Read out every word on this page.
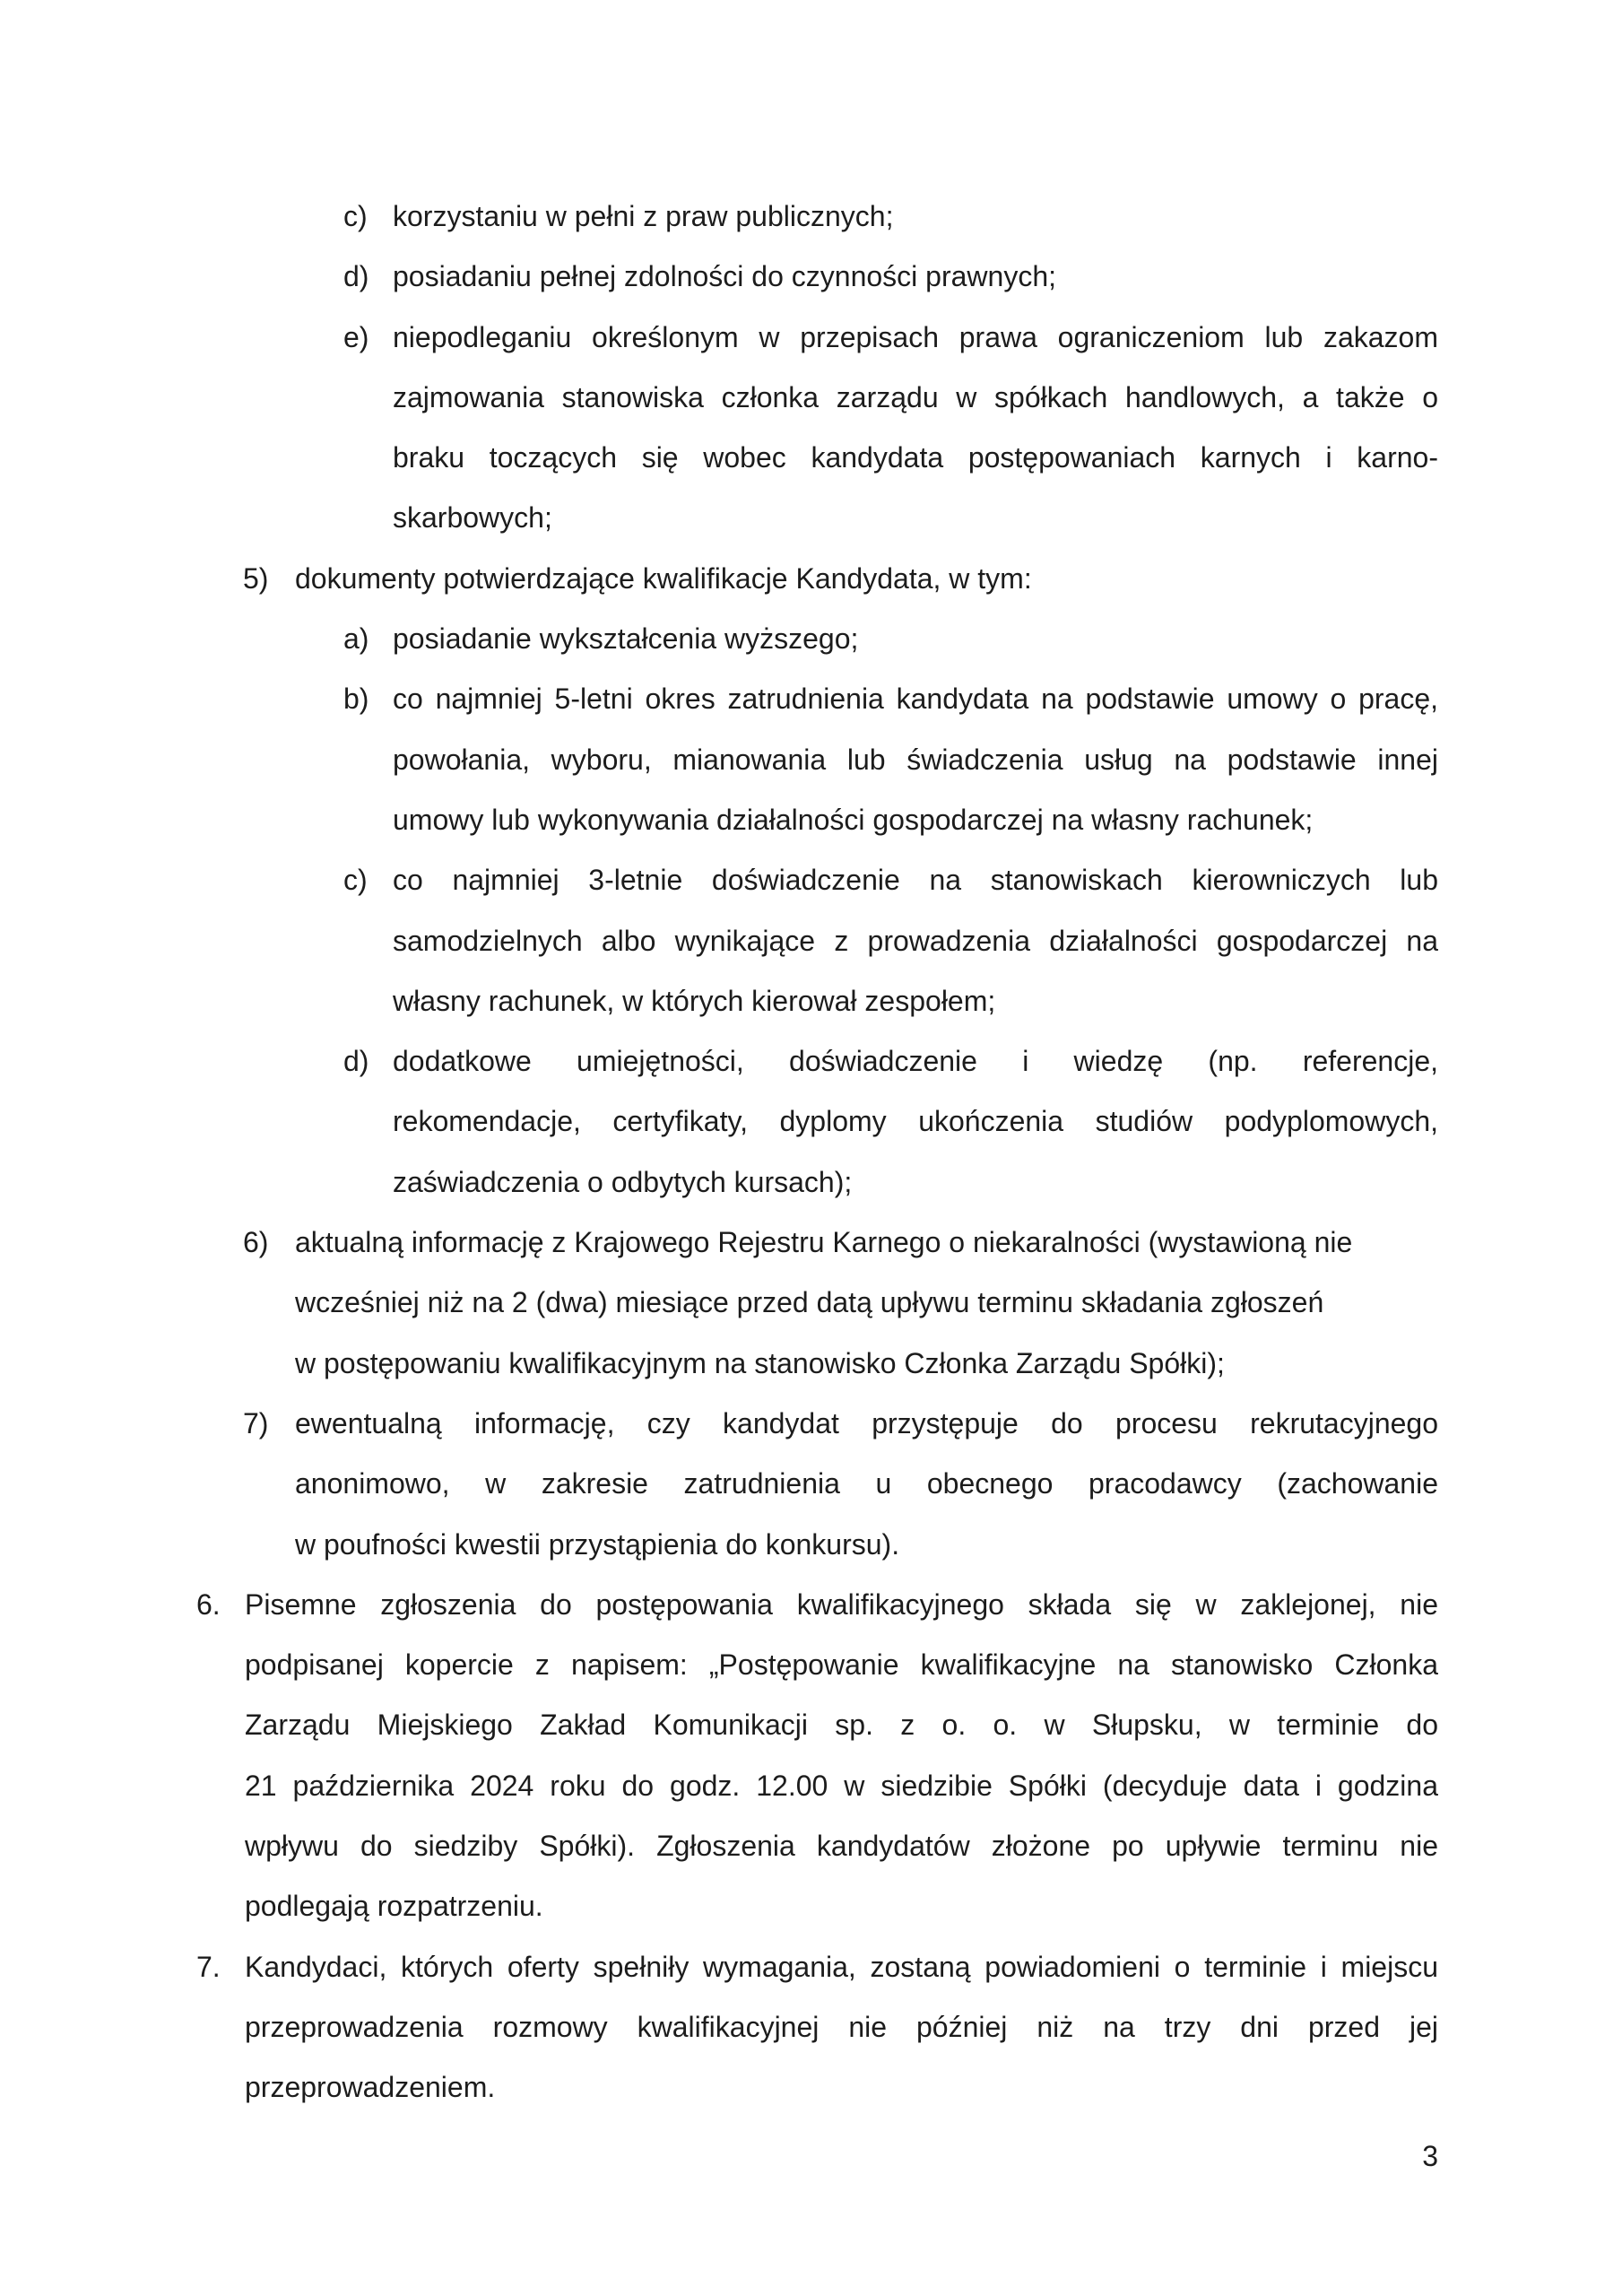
c) korzystaniu w pełni z praw publicznych;
d) posiadaniu pełnej zdolności do czynności prawnych;
e) niepodleganiu określonym w przepisach prawa ograniczeniom lub zakazom
zajmowania stanowiska członka zarządu w spółkach handlowych, a także o
braku toczących się wobec kandydata postępowaniach karnych i karno-
skarbowych;
5) dokumenty potwierdzające kwalifikacje Kandydata, w tym:
a) posiadanie wykształcenia wyższego;
b) co najmniej 5-letni okres zatrudnienia kandydata na podstawie umowy o pracę,
powołania, wyboru, mianowania lub świadczenia usług na podstawie innej
umowy lub wykonywania działalności gospodarczej na własny rachunek;
c) co najmniej 3-letnie doświadczenie na stanowiskach kierowniczych lub
samodzielnych albo wynikające z prowadzenia działalności gospodarczej na
własny rachunek, w których kierował zespołem;
d) dodatkowe umiejętności, doświadczenie i wiedzę (np. referencje,
rekomendacje, certyfikaty, dyplomy ukończenia studiów podyplomowych,
zaświadczenia o odbytych kursach);
6) aktualną informację z Krajowego Rejestru Karnego o niekaralności (wystawioną nie
wcześniej niż na 2 (dwa) miesiące przed datą upływu terminu składania zgłoszeń
w postępowaniu kwalifikacyjnym na stanowisko Członka Zarządu Spółki);
7) ewentualną informację, czy kandydat przystępuje do procesu rekrutacyjnego
anonimowo, w zakresie zatrudnienia u obecnego pracodawcy (zachowanie
w poufności kwestii przystąpienia do konkursu).
6. Pisemne zgłoszenia do postępowania kwalifikacyjnego składa się w zaklejonej, nie
podpisanej kopercie z napisem: „Postępowanie kwalifikacyjne na stanowisko Członka
Zarządu Miejskiego Zakład Komunikacji sp. z o. o. w Słupsku, w terminie do
21 października 2024 roku do godz. 12.00 w siedzibie Spółki (decyduje data i godzina
wpływu do siedziby Spółki). Zgłoszenia kandydatów złożone po upływie terminu nie
podlegają rozpatrzeniu.
7. Kandydaci, których oferty spełniły wymagania, zostaną powiadomieni o terminie i miejscu
przeprowadzenia rozmowy kwalifikacyjnej nie później niż na trzy dni przed jej
przeprowadzeniem.
3
